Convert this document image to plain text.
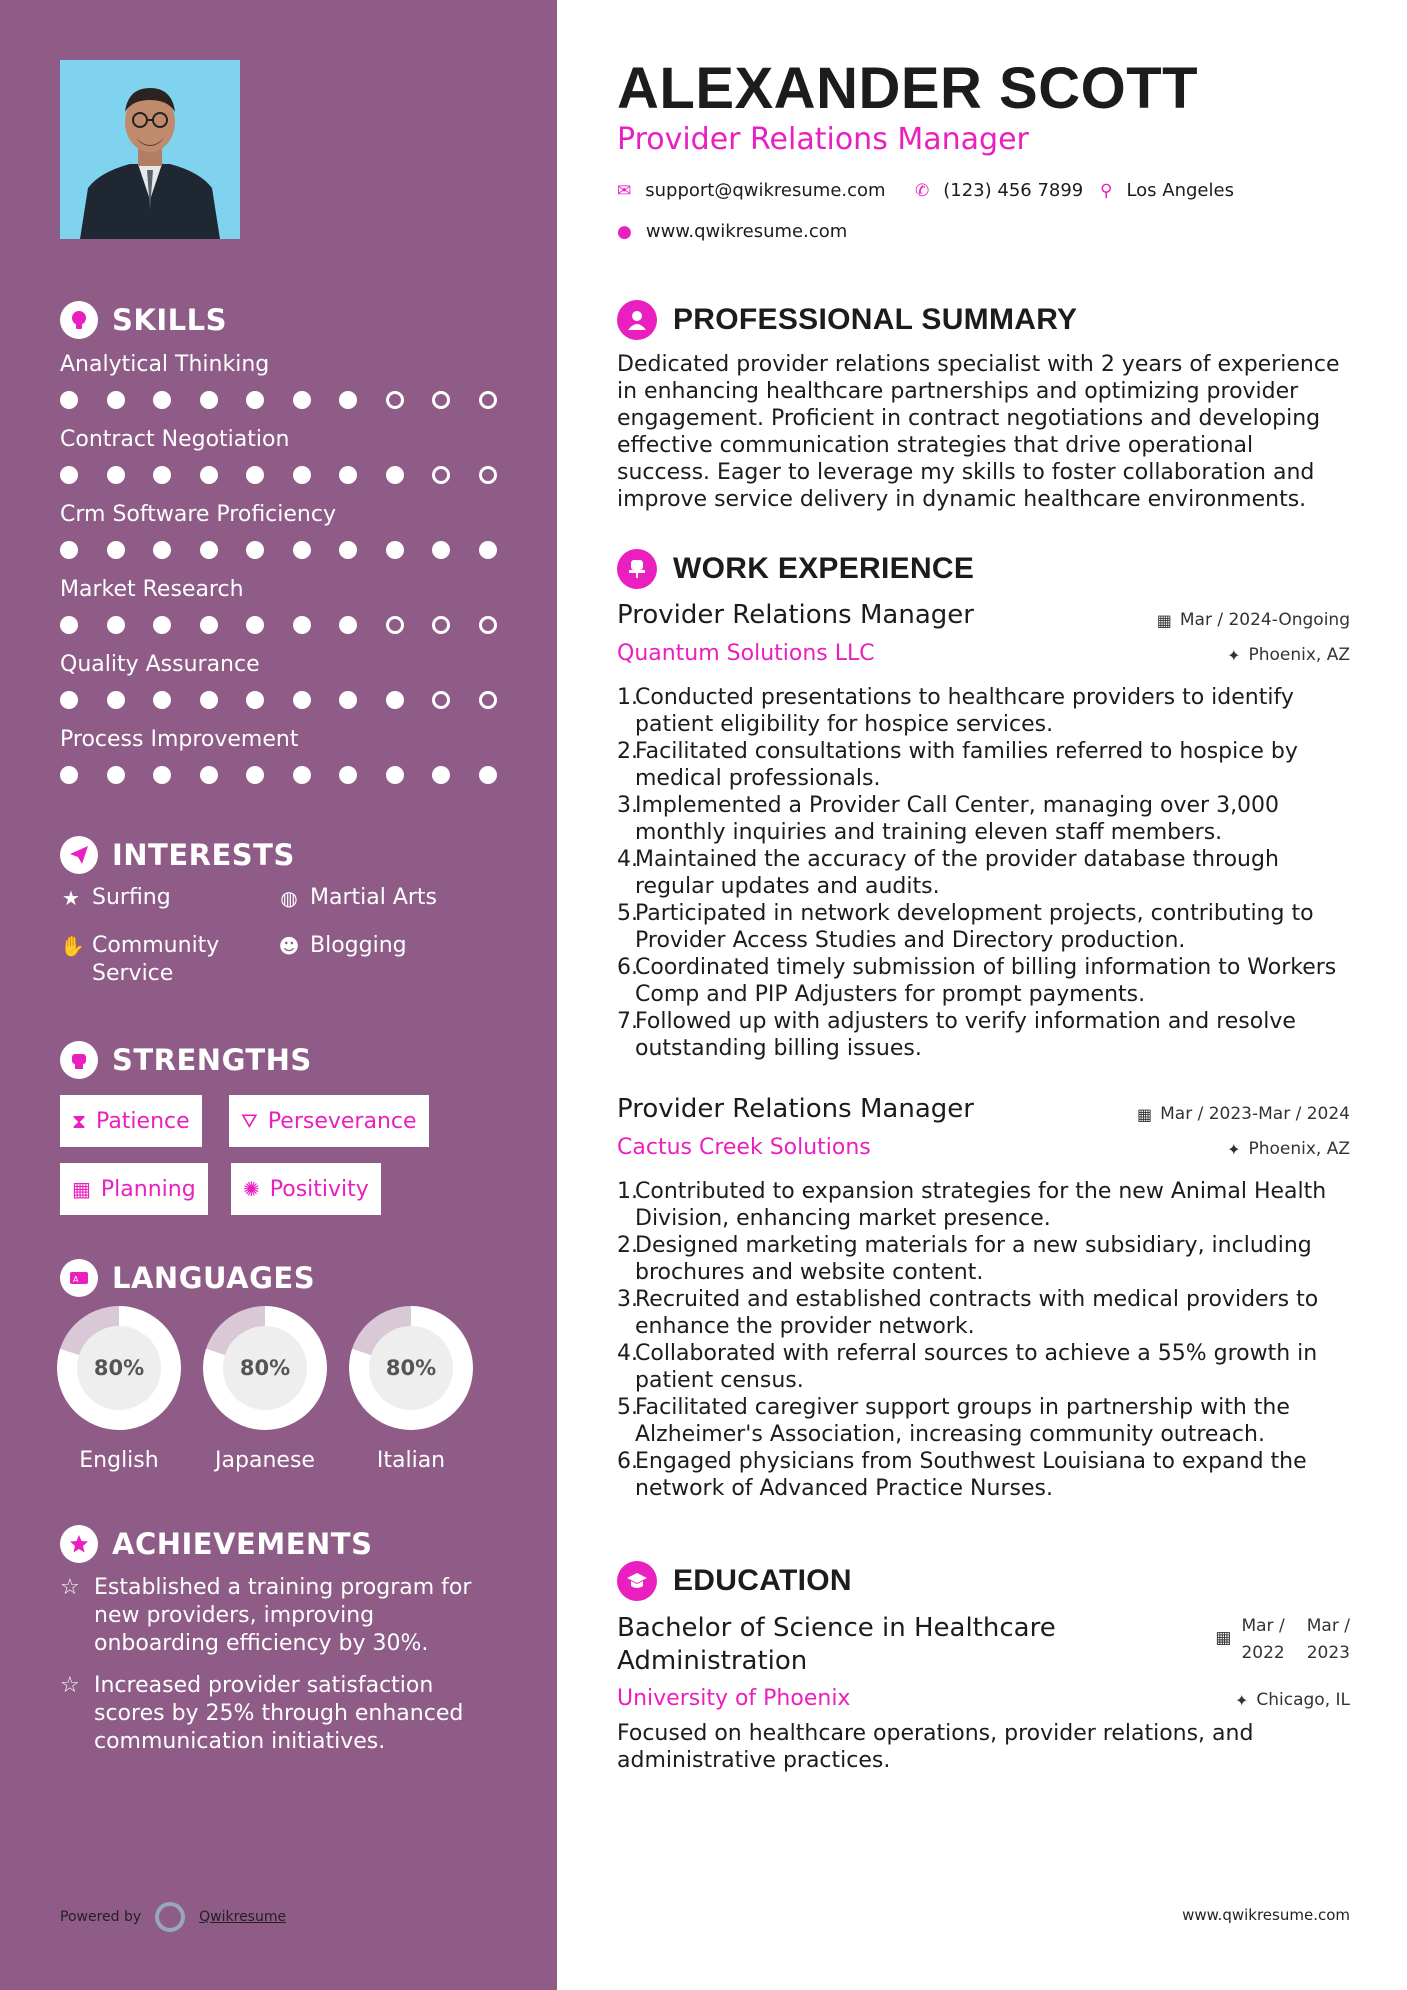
SKILLS
Analytical Thinking
Contract Negotiation
Crm Software Proficiency
Market Research
Quality Assurance
Process Improvement
INTERESTS
★ Surfing	◍ Martial Arts
✋ Community Service
☻ Blogging
STRENGTHS
⧗ Patience	⛛ Perseverance
▦ Planning ✺ Positivity
A LANGUAGES
80%
English
80%
Japanese
80%
Italian
ACHIEVEMENTS
☆ Established a training program for new providers, improving onboarding efficiency by 30%.
☆ Increased provider satisfaction scores by 25% through enhanced communication initiatives.
Powered by	Qwikresume
ALEXANDER SCOTT
Provider Relations Manager
✉ support@qwikresume.com ✆ (123) 456 7899 ⚲ Los Angeles
● www.qwikresume.com
PROFESSIONAL SUMMARY
Dedicated provider relations specialist with 2 years of experience in enhancing healthcare partnerships and optimizing provider engagement. Proficient in contract negotiations and developing effective communication strategies that drive operational success. Eager to leverage my skills to foster collaboration and improve service delivery in dynamic healthcare environments.
WORK EXPERIENCE
Provider Relations Manager	▦ Mar / 2024-Ongoing
Quantum Solutions LLC	✦ Phoenix, AZ
1.
Conducted presentations to healthcare providers to identify patient eligibility for hospice services.
2.
Facilitated consultations with families referred to hospice by medical professionals.
3.
Implemented a Provider Call Center, managing over 3,000 monthly inquiries and training eleven staff members.
4.
Maintained the accuracy of the provider database through regular updates and audits.
5.
Participated in network development projects, contributing to Provider Access Studies and Directory production.
6.
Coordinated timely submission of billing information to Workers Comp and PIP Adjusters for prompt payments.
7.
Followed up with adjusters to verify information and resolve outstanding billing issues.
Provider Relations Manager	▦ Mar / 2023-Mar / 2024
Cactus Creek Solutions	✦ Phoenix, AZ
1.
Contributed to expansion strategies for the new Animal Health Division, enhancing market presence.
2.
Designed marketing materials for a new subsidiary, including brochures and website content.
3.
Recruited and established contracts with medical providers to enhance the provider network.
4.
Collaborated with referral sources to achieve a 55% growth in patient census.
5.
Facilitated caregiver support groups in partnership with the Alzheimer's Association, increasing community outreach.
6.
Engaged physicians from Southwest Louisiana to expand the network of Advanced Practice Nurses.
EDUCATION
Bachelor of Science in Healthcare
Administration
▦
Mar /
2022
Mar /
2023
University of Phoenix	✦ Chicago, IL
Focused on healthcare operations, provider relations, and administrative practices.
www.qwikresume.com
